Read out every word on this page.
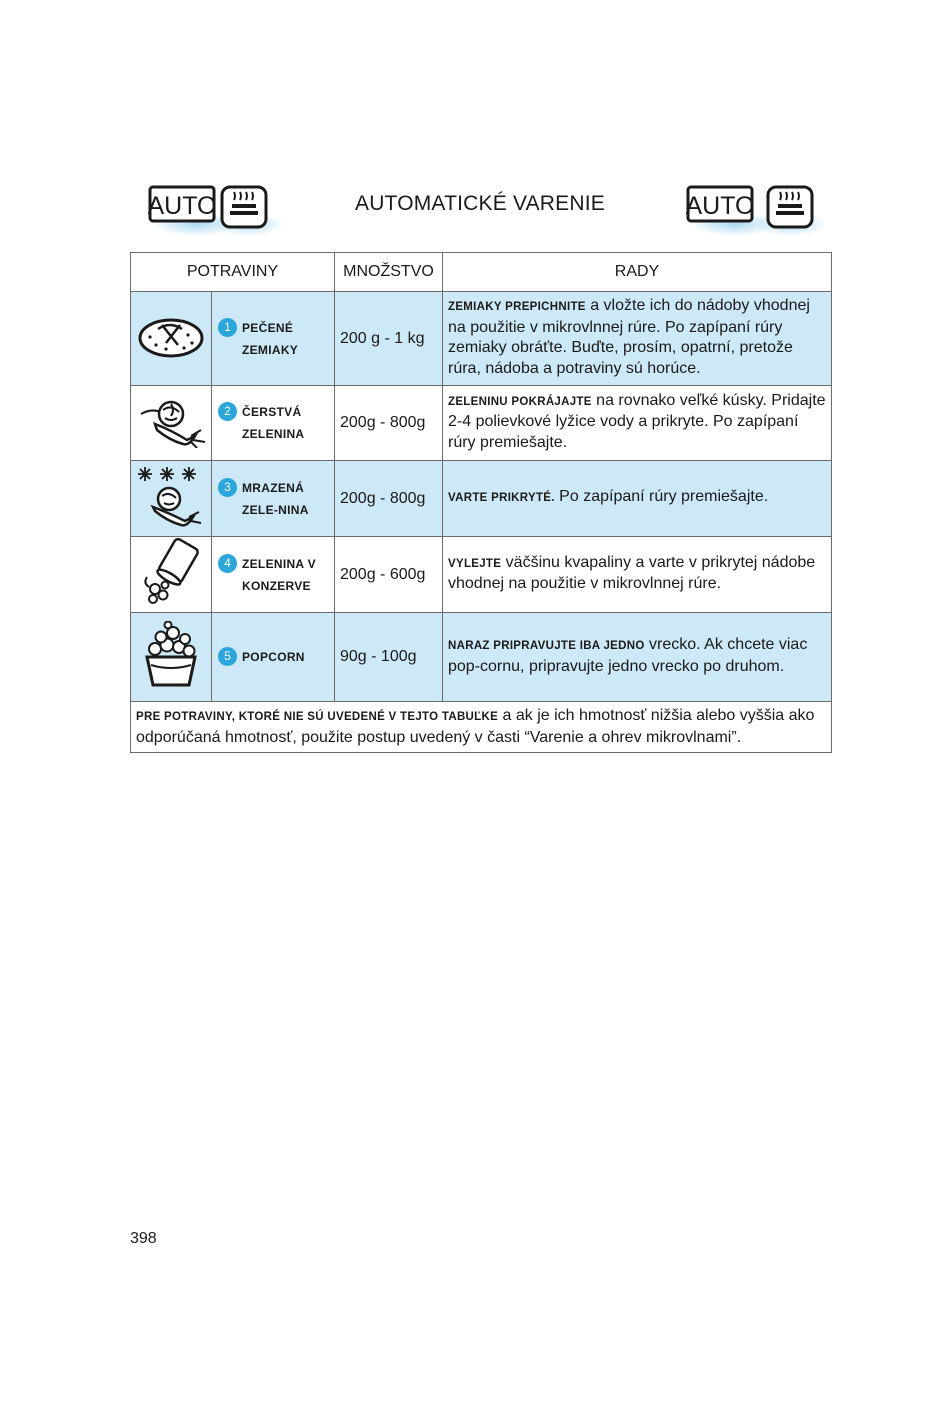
AUTO	AUTOMATICKÉ VARENIE	AUTO
POTRAVINY		MNOŽSTVO	RADY

1 PEČENÉ ZEMIAKY	200 g - 1 kg	ZEMIAKY PREPICHNITE a vložte ich do nádoby vhodnej na použitie v mikrovlnnej rúre. Po zapípaní rúry zemiaky obráťte. Buďte, prosím, opatrní, pretože rúra, nádoba a potraviny sú horúce.

2 ČERSTVÁ ZELENINA	200g - 800g	ZELENINU POKRÁJAJTE na rovnako veľké kúsky. Pridajte 2-4 polievkové lyžice vody a prikryte. Po zapípaní rúry premiešajte.

3 MRAZENÁ ZELE-NINA	200g - 800g	VARTE PRIKRYTÉ. Po zapípaní rúry premiešajte.

4 ZELENINA V KONZERVE	200g - 600g	VYLEJTE väčšinu kvapaliny a varte v prikrytej nádobe vhodnej na použitie v mikrovlnnej rúre.

5 POPCORN	90g - 100g	NARAZ PRIPRAVUJTE IBA JEDNO vrecko. Ak chcete viac pop-cornu, pripravujte jedno vrecko po druhom.
PRE POTRAVINY, KTORÉ NIE SÚ UVEDENÉ V TEJTO TABUĽKE a ak je ich hmotnosť nižšia alebo vyššia ako odporúčaná hmotnosť, použite postup uvedený v časti “Varenie a ohrev mikrovlnami”.			
398
